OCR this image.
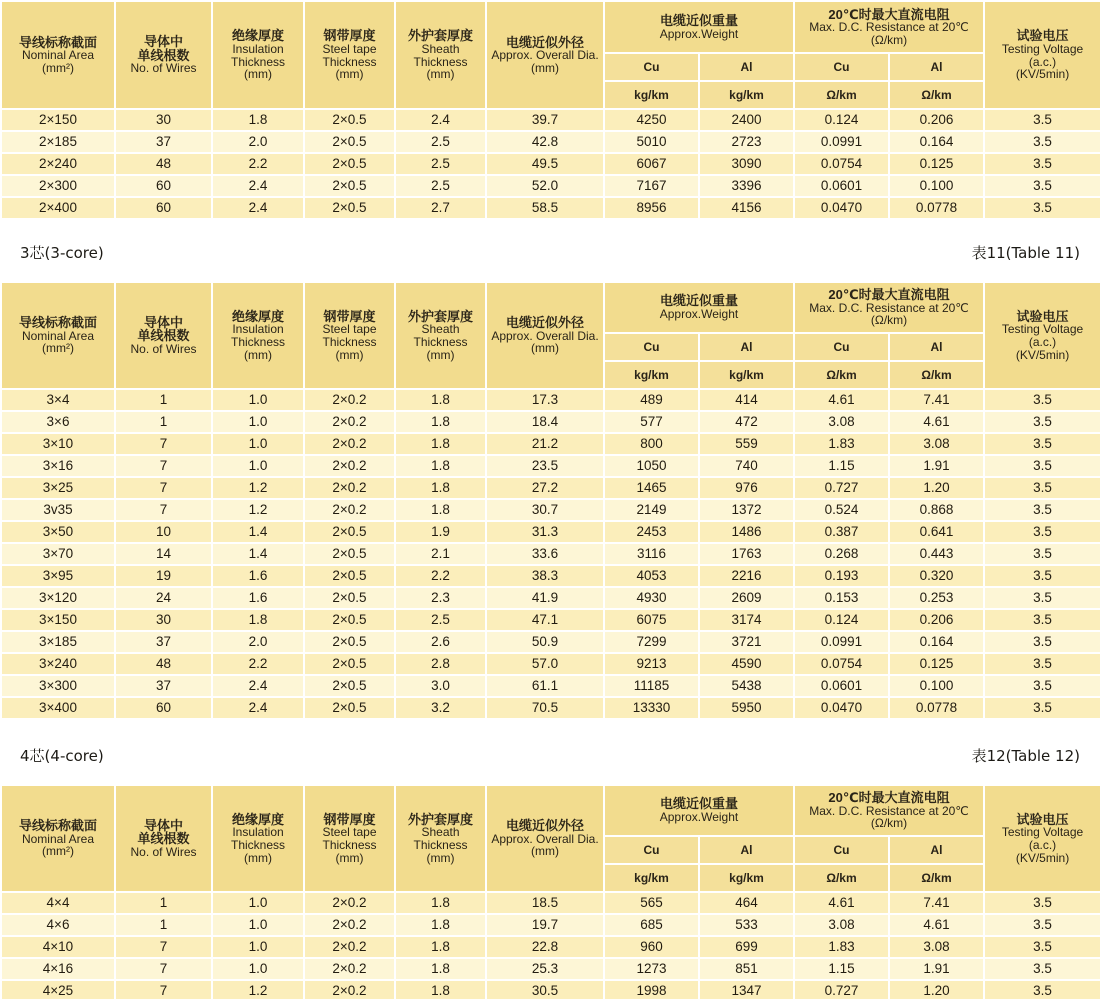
导线标称截面
Nominal Area
(mm²)	导体中
单线根数
No. of Wires	绝缘厚度
Insulation
Thickness
(mm)	钢带厚度
Steel tape
Thickness
(mm)	外护套厚度
Sheath
Thickness
(mm)	电缆近似外径
Approx. Overall Dia.
(mm)	电缆近似重量
Approx.Weight		20℃时最大直流电阻
Max. D.C. Resistance at 20℃
(Ω/km)		试验电压
Testing Voltage
(a.c.)
(KV/5min)

						Cu	Al	Cu	Al	
						kg/km	kg/km	Ω/km	Ω/km	
2×150	30	1.8	2×0.5	2.4	39.7	4250	2400	0.124	0.206	3.5
2×185	37	2.0	2×0.5	2.5	42.8	5010	2723	0.0991	0.164	3.5
2×240	48	2.2	2×0.5	2.5	49.5	6067	3090	0.0754	0.125	3.5
2×300	60	2.4	2×0.5	2.5	52.0	7167	3396	0.0601	0.100	3.5
2×400	60	2.4	2×0.5	2.7	58.5	8956	4156	0.0470	0.0778	3.5
3芯(3-core)	表11(Table 11)
导线标称截面
Nominal Area
(mm²)	导体中
单线根数
No. of Wires	绝缘厚度
Insulation
Thickness
(mm)	钢带厚度
Steel tape
Thickness
(mm)	外护套厚度
Sheath
Thickness
(mm)	电缆近似外径
Approx. Overall Dia.
(mm)	电缆近似重量
Approx.Weight		20℃时最大直流电阻
Max. D.C. Resistance at 20℃
(Ω/km)		试验电压
Testing Voltage
(a.c.)
(KV/5min)

						Cu	Al	Cu	Al	
						kg/km	kg/km	Ω/km	Ω/km	
3×4	1	1.0	2×0.2	1.8	17.3	489	414	4.61	7.41	3.5
3×6	1	1.0	2×0.2	1.8	18.4	577	472	3.08	4.61	3.5
3×10	7	1.0	2×0.2	1.8	21.2	800	559	1.83	3.08	3.5
3×16	7	1.0	2×0.2	1.8	23.5	1050	740	1.15	1.91	3.5
3×25	7	1.2	2×0.2	1.8	27.2	1465	976	0.727	1.20	3.5
3v35	7	1.2	2×0.2	1.8	30.7	2149	1372	0.524	0.868	3.5
3×50	10	1.4	2×0.5	1.9	31.3	2453	1486	0.387	0.641	3.5
3×70	14	1.4	2×0.5	2.1	33.6	3116	1763	0.268	0.443	3.5
3×95	19	1.6	2×0.5	2.2	38.3	4053	2216	0.193	0.320	3.5
3×120	24	1.6	2×0.5	2.3	41.9	4930	2609	0.153	0.253	3.5
3×150	30	1.8	2×0.5	2.5	47.1	6075	3174	0.124	0.206	3.5
3×185	37	2.0	2×0.5	2.6	50.9	7299	3721	0.0991	0.164	3.5
3×240	48	2.2	2×0.5	2.8	57.0	9213	4590	0.0754	0.125	3.5
3×300	37	2.4	2×0.5	3.0	61.1	11185	5438	0.0601	0.100	3.5
3×400	60	2.4	2×0.5	3.2	70.5	13330	5950	0.0470	0.0778	3.5
4芯(4-core)	表12(Table 12)
导线标称截面
Nominal Area
(mm²)	导体中
单线根数
No. of Wires	绝缘厚度
Insulation
Thickness
(mm)	钢带厚度
Steel tape
Thickness
(mm)	外护套厚度
Sheath
Thickness
(mm)	电缆近似外径
Approx. Overall Dia.
(mm)	电缆近似重量
Approx.Weight		20℃时最大直流电阻
Max. D.C. Resistance at 20℃
(Ω/km)		试验电压
Testing Voltage
(a.c.)
(KV/5min)

						Cu	Al	Cu	Al	
						kg/km	kg/km	Ω/km	Ω/km	
4×4	1	1.0	2×0.2	1.8	18.5	565	464	4.61	7.41	3.5
4×6	1	1.0	2×0.2	1.8	19.7	685	533	3.08	4.61	3.5
4×10	7	1.0	2×0.2	1.8	22.8	960	699	1.83	3.08	3.5
4×16	7	1.0	2×0.2	1.8	25.3	1273	851	1.15	1.91	3.5
4×25	7	1.2	2×0.2	1.8	30.5	1998	1347	0.727	1.20	3.5
